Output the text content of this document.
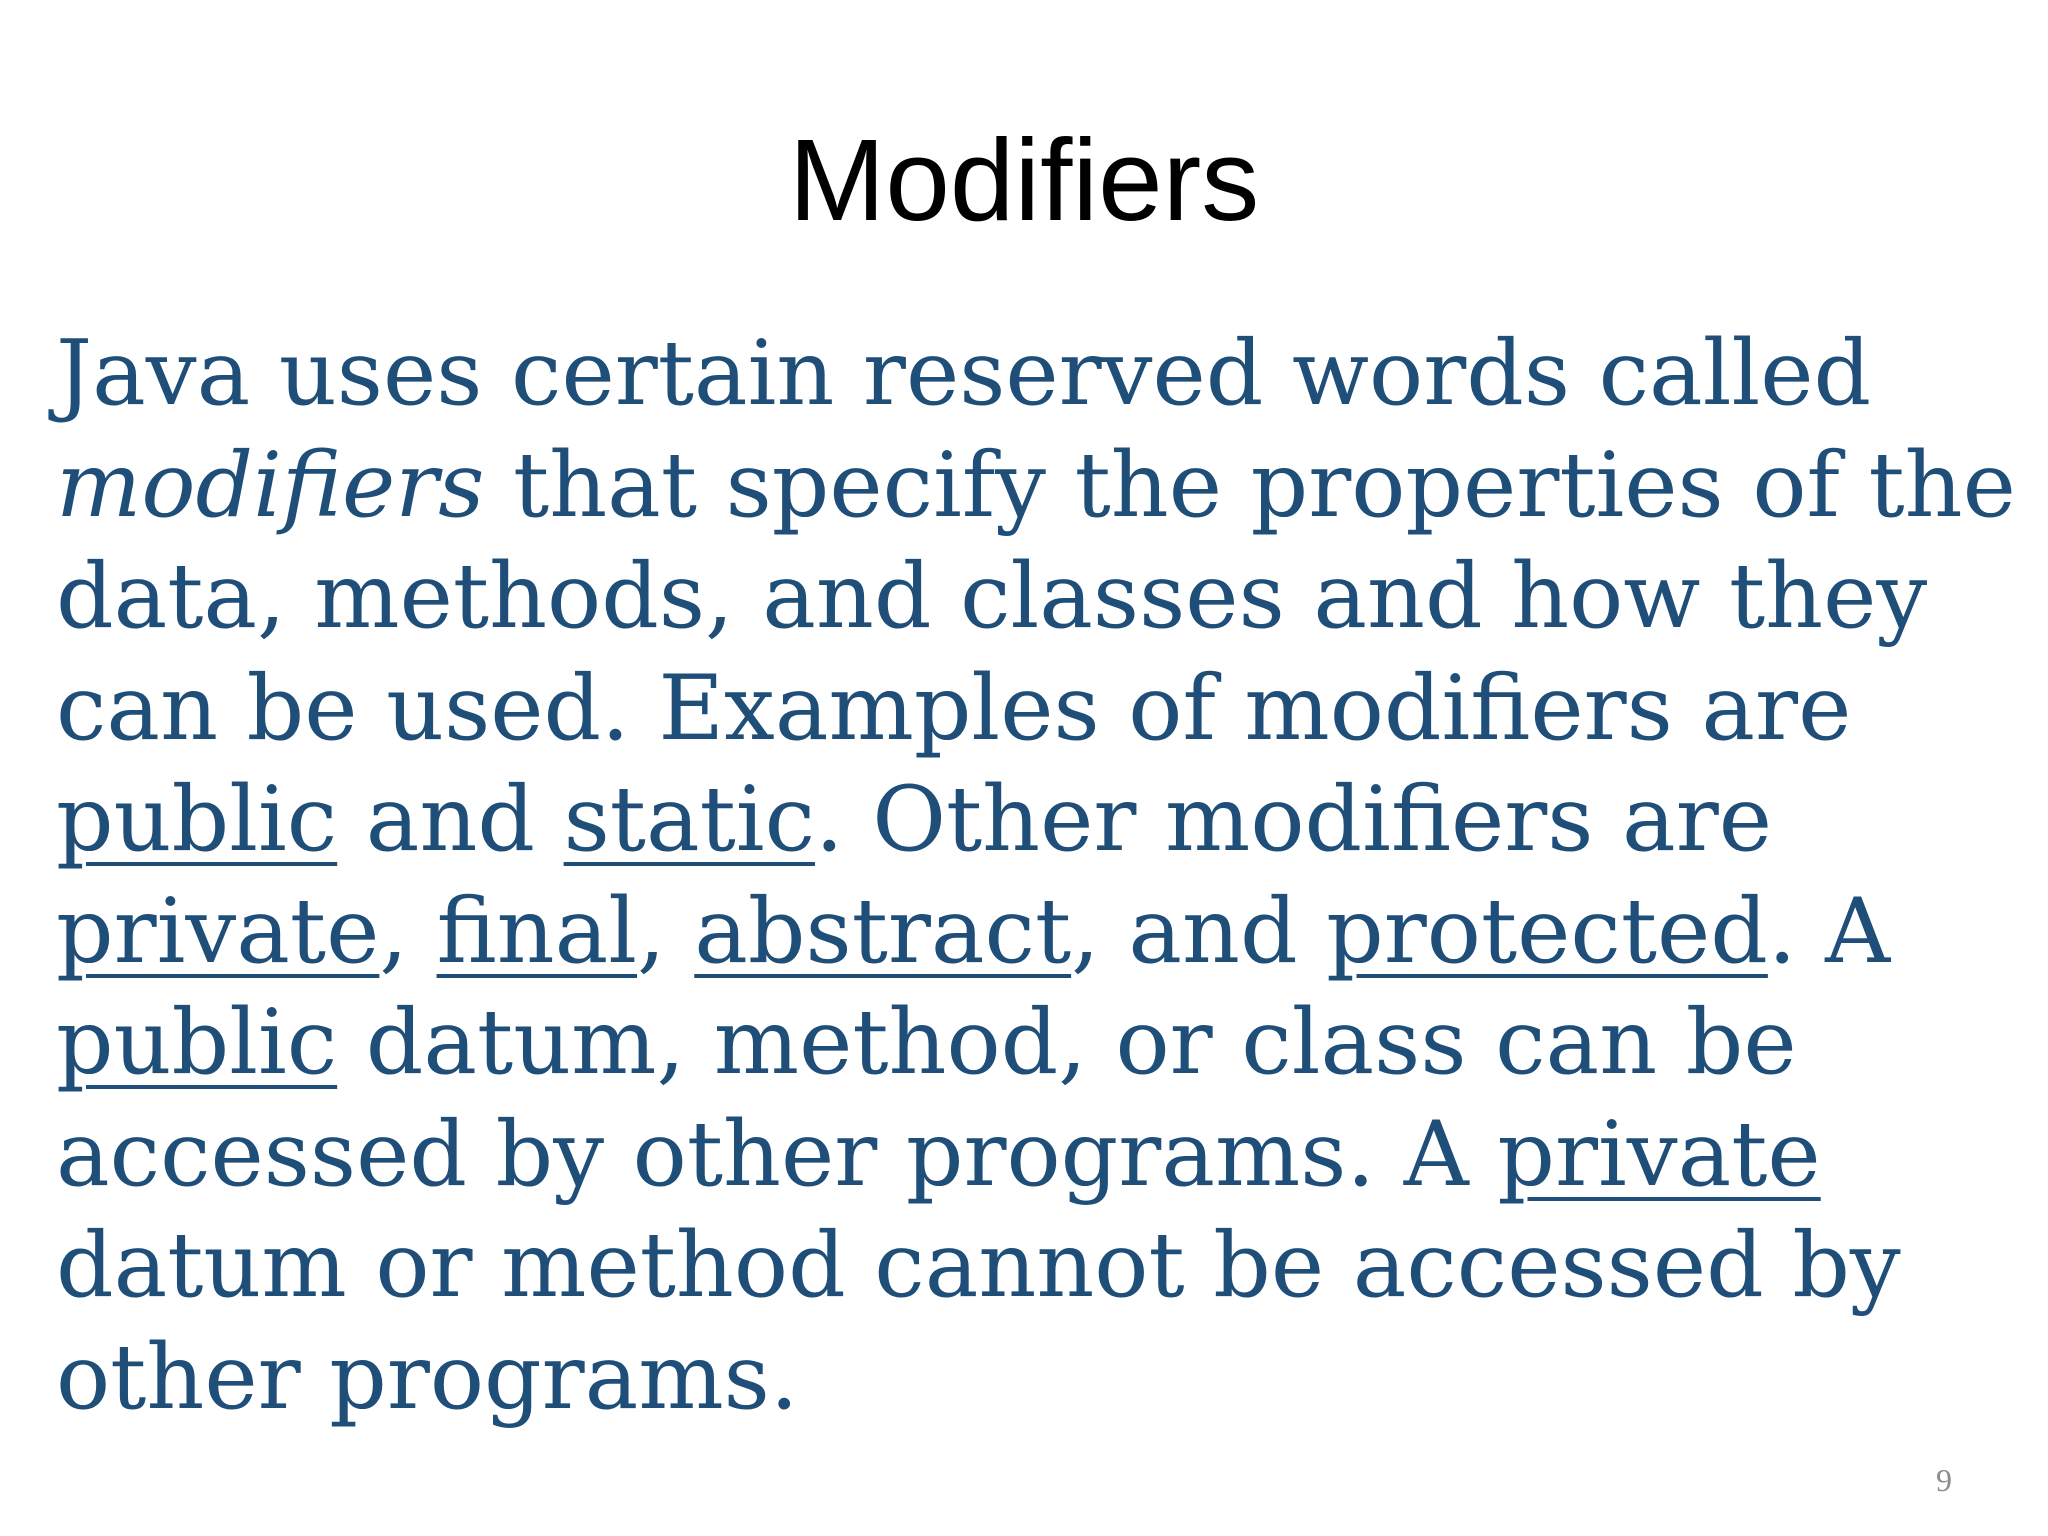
Modifiers
Java uses certain reserved words called
modifiers that specify the properties of the
data, methods, and classes and how they
can be used. Examples of modifiers are
public and static. Other modifiers are
private, final, abstract, and protected. A
public datum, method, or class can be
accessed by other programs. A private
datum or method cannot be accessed by
other programs.
9
